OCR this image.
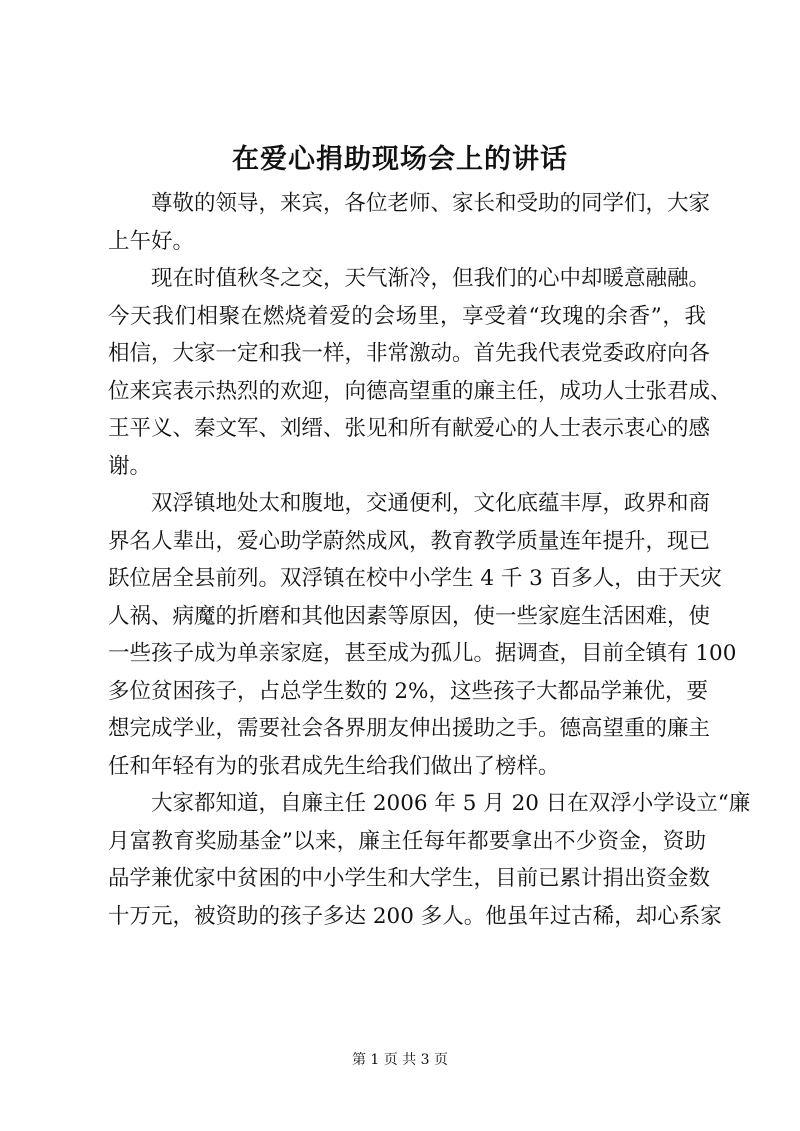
在爱心捐助现场会上的讲话
尊敬的领导，来宾，各位老师、家长和受助的同学们，大家
上午好。
现在时值秋冬之交，天气渐冷，但我们的心中却暖意融融。
今天我们相聚在燃烧着爱的会场里，享受着“玫瑰的余香”，我
相信，大家一定和我一样，非常激动。首先我代表党委政府向各
位来宾表示热烈的欢迎，向德高望重的廉主任，成功人士张君成、
王平义、秦文军、刘缙、张见和所有献爱心的人士表示衷心的感
谢。
双浮镇地处太和腹地，交通便利，文化底蕴丰厚，政界和商
界名人辈出，爱心助学蔚然成风，教育教学质量连年提升，现已
跃位居全县前列。双浮镇在校中小学生 4 千 3 百多人，由于天灾
人祸、病魔的折磨和其他因素等原因，使一些家庭生活困难，使
一些孩子成为单亲家庭，甚至成为孤儿。据调查，目前全镇有 100
多位贫困孩子，占总学生数的 2%，这些孩子大都品学兼优，要
想完成学业，需要社会各界朋友伸出援助之手。德高望重的廉主
任和年轻有为的张君成先生给我们做出了榜样。
大家都知道，自廉主任 2006 年 5 月 20 日在双浮小学设立“廉
月富教育奖励基金”以来，廉主任每年都要拿出不少资金，资助
品学兼优家中贫困的中小学生和大学生，目前已累计捐出资金数
十万元，被资助的孩子多达 200 多人。他虽年过古稀，却心系家
第 1 页 共 3 页
